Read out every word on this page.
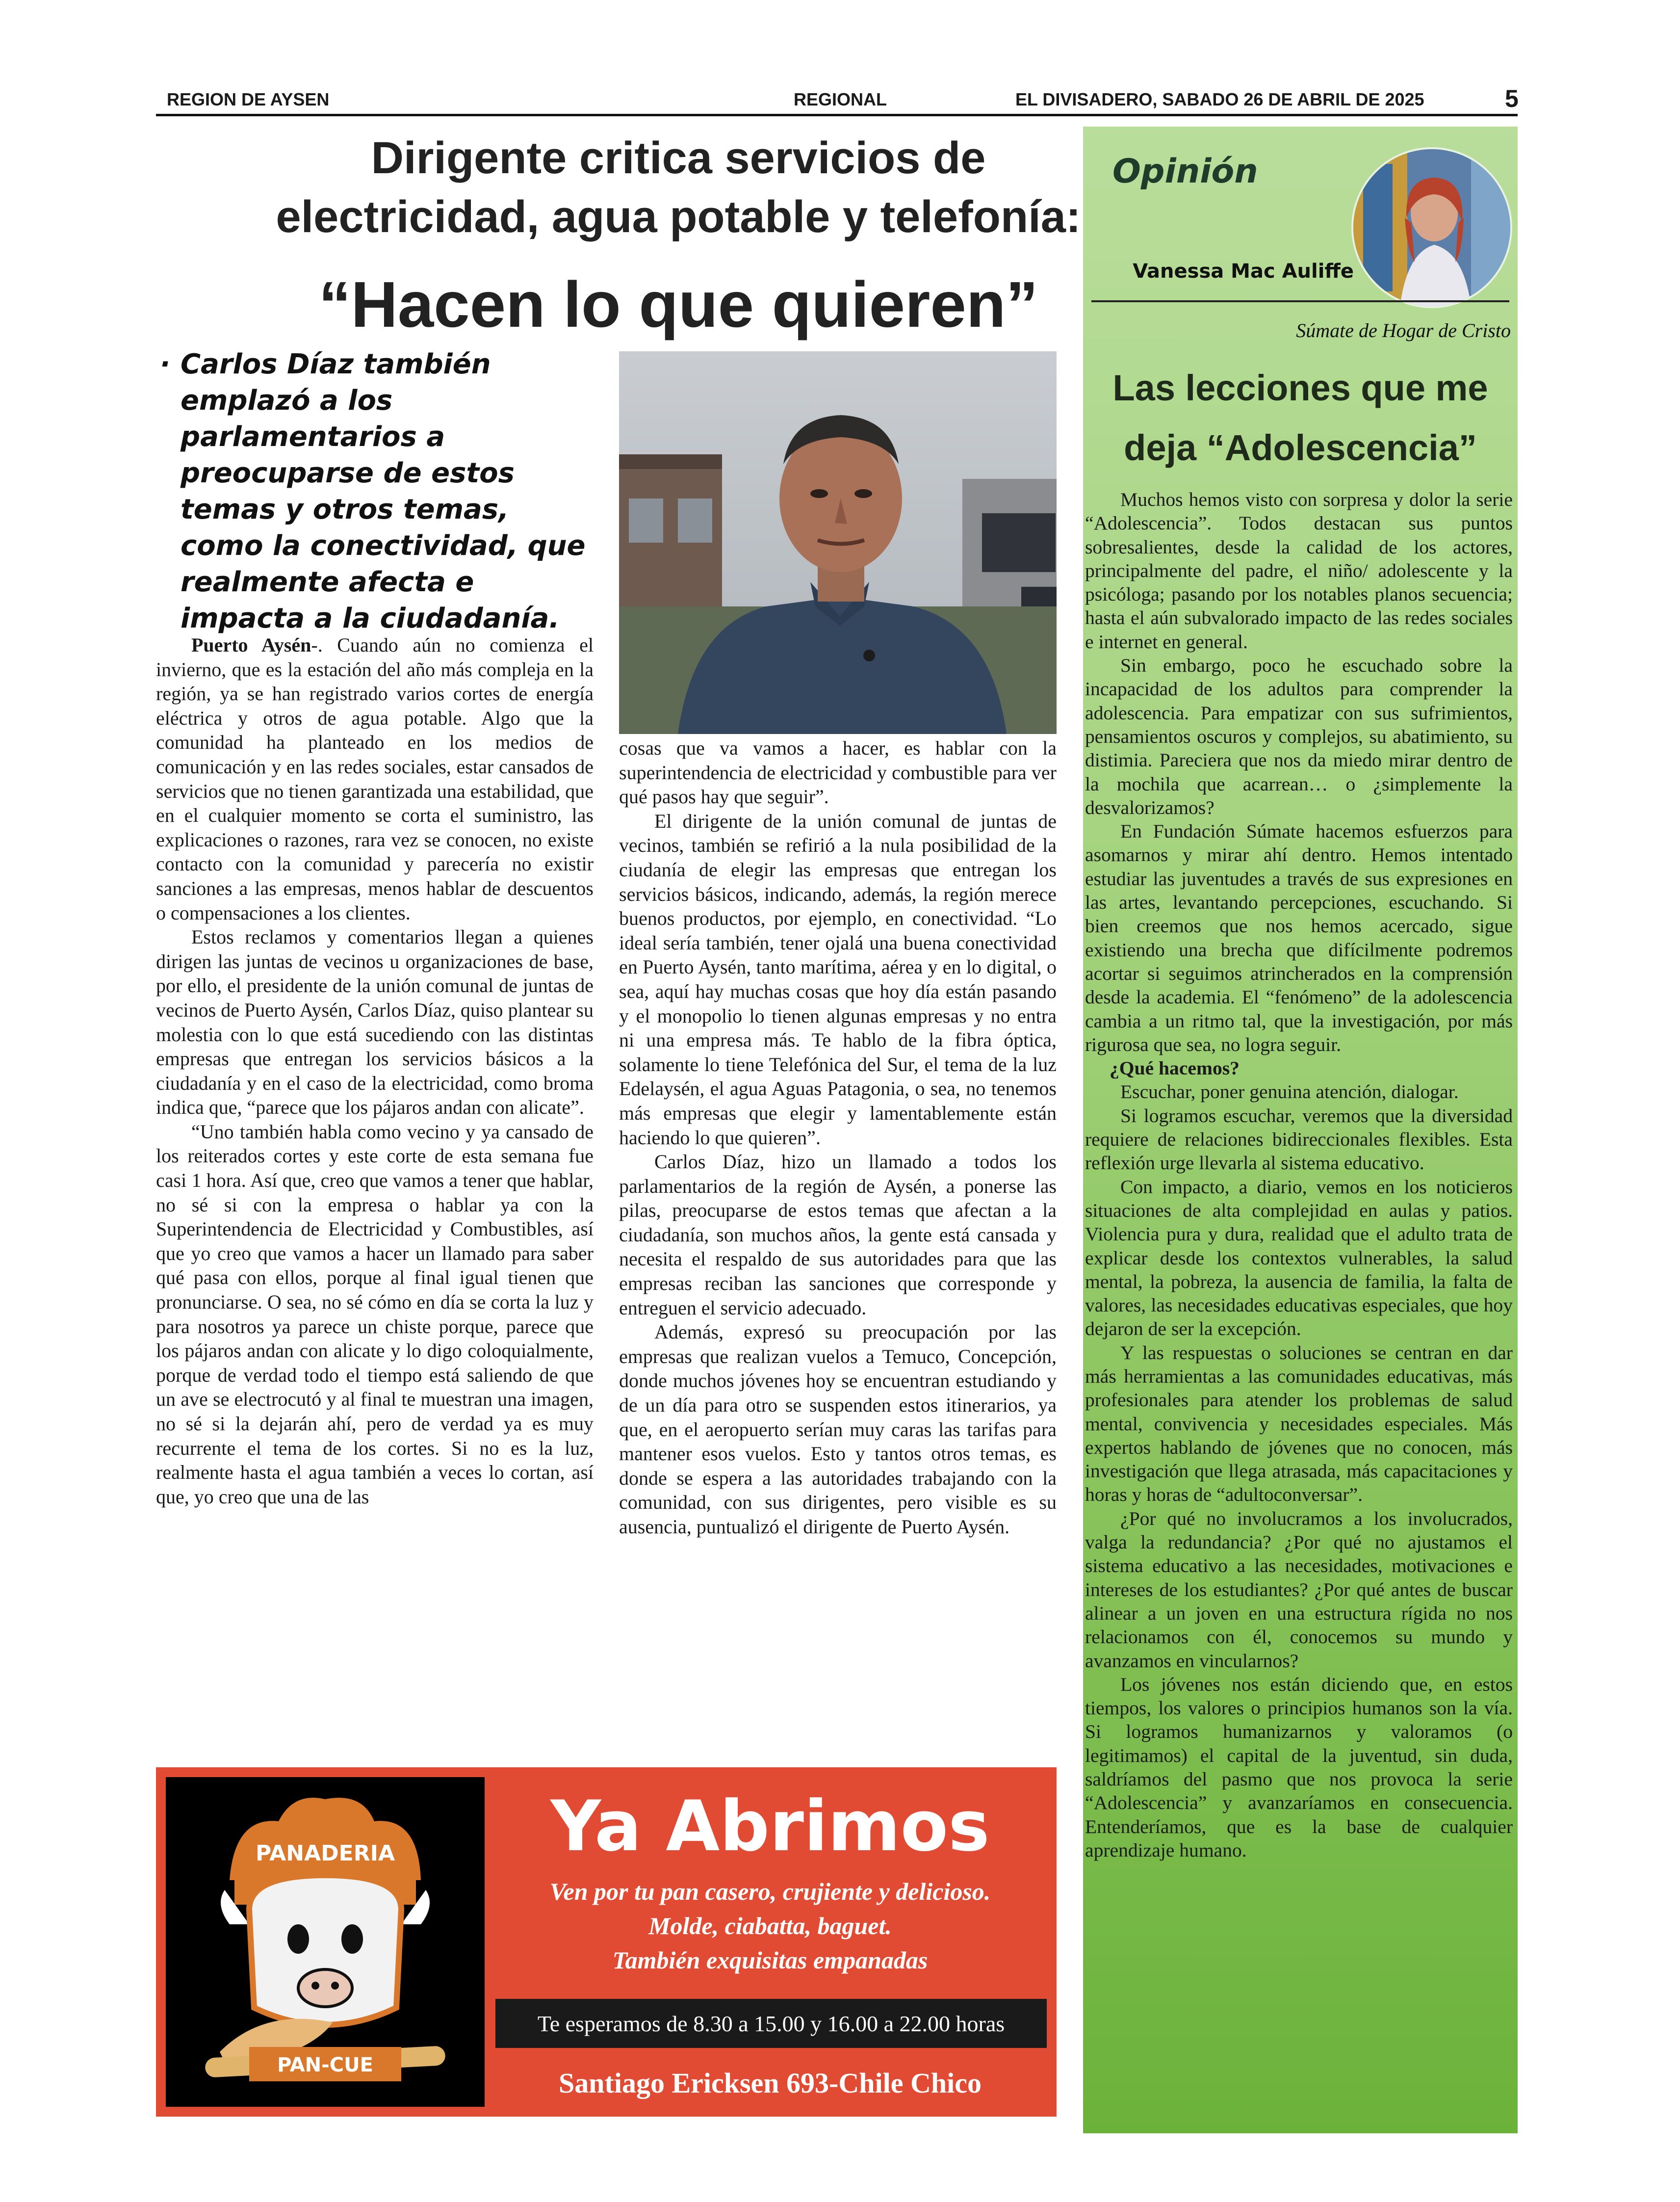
REGION DE AYSEN	REGIONAL	EL DIVISADERO, SABADO 26 DE ABRIL DE 2025	5
Dirigente critica servicios de
electricidad, agua potable y telefonía:
“Hacen lo que quieren”
· Carlos Díaz también emplazó a los parlamentarios a preocuparse de estos temas y otros temas, como la conectividad, que realmente afecta e impacta a la ciudadanía.

Puerto Aysén-. Cuando aún no comienza el invierno, que es la estación del año más compleja en la región, ya se han registrado varios cortes de energía eléctrica y otros de agua potable. Algo que la comunidad ha planteado en los medios de comunicación y en las redes sociales, estar cansados de servicios que no tienen garantizada una estabilidad, que en el cualquier momento se corta el suministro, las explicaciones o razones, rara vez se conocen, no existe contacto con la comunidad y parecería no existir sanciones a las empresas, menos hablar de descuentos o compensaciones a los clientes.

Estos reclamos y comentarios llegan a quienes dirigen las juntas de vecinos u organizaciones de base, por ello, el presidente de la unión comunal de juntas de vecinos de Puerto Aysén, Carlos Díaz, quiso plantear su molestia con lo que está sucediendo con las distintas empresas que entregan los servicios básicos a la ciudadanía y en el caso de la electricidad, como broma indica que, “parece que los pájaros andan con alicate”.

“Uno también habla como vecino y ya cansado de los reiterados cortes y este corte de esta semana fue casi 1 hora. Así que, creo que vamos a tener que hablar, no sé si con la empresa o hablar ya con la Superintendencia de Electricidad y Combustibles, así que yo creo que vamos a hacer un llamado para saber qué pasa con ellos, porque al final igual tienen que pronunciarse. O sea, no sé cómo en día se corta la luz y para nosotros ya parece un chiste porque, parece que los pájaros andan con alicate y lo digo coloquialmente, porque de verdad todo el tiempo está saliendo de que un ave se electrocutó y al final te muestran una imagen, no sé si la dejarán ahí, pero de verdad ya es muy recurrente el tema de los cortes. Si no es la luz, realmente hasta el agua también a veces lo cortan, así que, yo creo que una de las

cosas que va vamos a hacer, es hablar con la superintendencia de electricidad y combustible para ver qué pasos hay que seguir”.

El dirigente de la unión comunal de juntas de vecinos, también se refirió a la nula posibilidad de la ciudanía de elegir las empresas que entregan los servicios básicos, indicando, además, la región merece buenos productos, por ejemplo, en conectividad. “Lo ideal sería también, tener ojalá una buena conectividad en Puerto Aysén, tanto marítima, aérea y en lo digital, o sea, aquí hay muchas cosas que hoy día están pasando y el monopolio lo tienen algunas empresas y no entra ni una empresa más. Te hablo de la fibra óptica, solamente lo tiene Telefónica del Sur, el tema de la luz Edelaysén, el agua Aguas Patagonia, o sea, no tenemos más empresas que elegir y lamentablemente están haciendo lo que quieren”.

Carlos Díaz, hizo un llamado a todos los parlamentarios de la región de Aysén, a ponerse las pilas, preocuparse de estos temas que afectan a la ciudadanía, son muchos años, la gente está cansada y necesita el respaldo de sus autoridades para que las empresas reciban las sanciones que corresponde y entreguen el servicio adecuado.

Además, expresó su preocupación por las empresas que realizan vuelos a Temuco, Concepción, donde muchos jóvenes hoy se encuentran estudiando y de un día para otro se suspenden estos itinerarios, ya que, en el aeropuerto serían muy caras las tarifas para mantener esos vuelos. Esto y tantos otros temas, es donde se espera a las autoridades trabajando con la comunidad, con sus dirigentes, pero visible es su ausencia, puntualizó el dirigente de Puerto Aysén.

Opinión
Vanessa Mac Auliffe
Súmate de Hogar de Cristo
Las lecciones que me
deja “Adolescencia”

Muchos hemos visto con sorpresa y dolor la serie “Adolescencia”. Todos destacan sus puntos sobresalientes, desde la calidad de los actores, principalmente del padre, el niño/ adolescente y la psicóloga; pasando por los notables planos secuencia; hasta el aún subvalorado impacto de las redes sociales e internet en general.

Sin embargo, poco he escuchado sobre la incapacidad de los adultos para comprender la adolescencia. Para empatizar con sus sufrimientos, pensamientos oscuros y complejos, su abatimiento, su distimia. Pareciera que nos da miedo mirar dentro de la mochila que acarrean… o ¿simplemente la desvalorizamos?

En Fundación Súmate hacemos esfuerzos para asomarnos y mirar ahí dentro. Hemos intentado estudiar las juventudes a través de sus expresiones en las artes, levantando percepciones, escuchando. Si bien creemos que nos hemos acercado, sigue existiendo una brecha que difícilmente podremos acortar si seguimos atrincherados en la comprensión desde la academia. El “fenómeno” de la adolescencia cambia a un ritmo tal, que la investigación, por más rigurosa que sea, no logra seguir.

¿Qué hacemos?

Escuchar, poner genuina atención, dialogar.

Si logramos escuchar, veremos que la diversidad requiere de relaciones bidireccionales flexibles. Esta reflexión urge llevarla al sistema educativo.

Con impacto, a diario, vemos en los noticieros situaciones de alta complejidad en aulas y patios. Violencia pura y dura, realidad que el adulto trata de explicar desde los contextos vulnerables, la salud mental, la pobreza, la ausencia de familia, la falta de valores, las necesidades educativas especiales, que hoy dejaron de ser la excepción.

Y las respuestas o soluciones se centran en dar más herramientas a las comunidades educativas, más profesionales para atender los problemas de salud mental, convivencia y necesidades especiales. Más expertos hablando de jóvenes que no conocen, más investigación que llega atrasada, más capacitaciones y horas y horas de “adultoconversar”.

¿Por qué no involucramos a los involucrados, valga la redundancia? ¿Por qué no ajustamos el sistema educativo a las necesidades, motivaciones e intereses de los estudiantes? ¿Por qué antes de buscar alinear a un joven en una estructura rígida no nos relacionamos con él, conocemos su mundo y avanzamos en vincularnos?

Los jóvenes nos están diciendo que, en estos tiempos, los valores o principios humanos son la vía. Si logramos humanizarnos y valoramos (o legitimamos) el capital de la juventud, sin duda, saldríamos del pasmo que nos provoca la serie “Adolescencia” y avanzaríamos en consecuencia. Entenderíamos, que es la base de cualquier aprendizaje humano.

PANADERIA
PAN-CUE
Ya Abrimos
Ven por tu pan casero, crujiente y delicioso.
Molde, ciabatta, baguet.
También exquisitas empanadas
Te esperamos de 8.30 a 15.00 y 16.00 a 22.00 horas
Santiago Ericksen 693-Chile Chico
